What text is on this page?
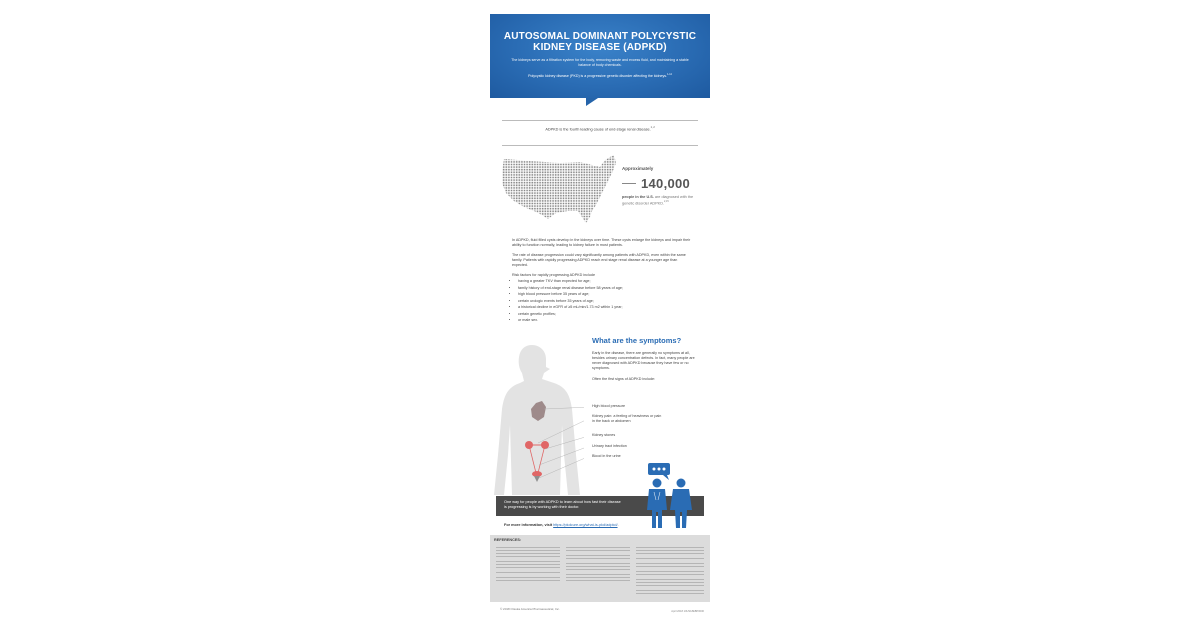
AUTOSOMAL DOMINANT POLYCYSTIC
KIDNEY DISEASE (ADPKD)
The kidneys serve as a filtration system for the body, removing waste and excess fluid, and maintaining a stable balance of body chemicals.
Polycystic kidney disease (PKD) is a progressive genetic disorder affecting the kidneys.$^{1-14}$
ADPKD is the fourth leading cause of end-stage renal disease.$^{1, 2}$
Approximately
140,000
people in the U.S. are diagnosed with the genetic disorder ADPKD.$^{2,15}$

In ADPKD, fluid filled cysts develop in the kidneys over time. These cysts enlarge the kidneys and impair their ability to function normally, leading to kidney failure in most patients.

The rate of disease progression could vary significantly among patients with ADPKD, even within the same family. Patients with rapidly progressing ADPKD reach end stage renal disease at a younger age than expected.

Risk factors for rapidly progressing ADPKD include
• having a greater TKV than expected for age;
• family history of end-stage renal disease before 58 years of age;
• high blood pressure before 35 years of age;
• certain urologic events before 35 years of age;
• a historical decline in eGFR of ≥5 mL/min/1.73 m2 within 1 year;
• certain genetic profiles;
• or male sex.
What are the symptoms?

Early in the disease, there are generally no symptoms at all, besides urinary concentration defects. In fact, many people are never diagnosed with ADPKD because they have few or no symptoms.

Often the first signs of ADPKD include:

High blood pressure
Kidney pain: a feeling of heaviness or pain in the back or abdomen
Kidney stones
Urinary tract infection
Blood in the urine
One way for people with ADPKD to learn about how fast their disease is progressing is by working with their doctor.
For more information, visit https://pkdcure.org/what-is-pkd/adpkd/.
REFERENCES:
© 2018 Otsuka America Pharmaceutical, Inc.
April 2018 10US18EBP0000
